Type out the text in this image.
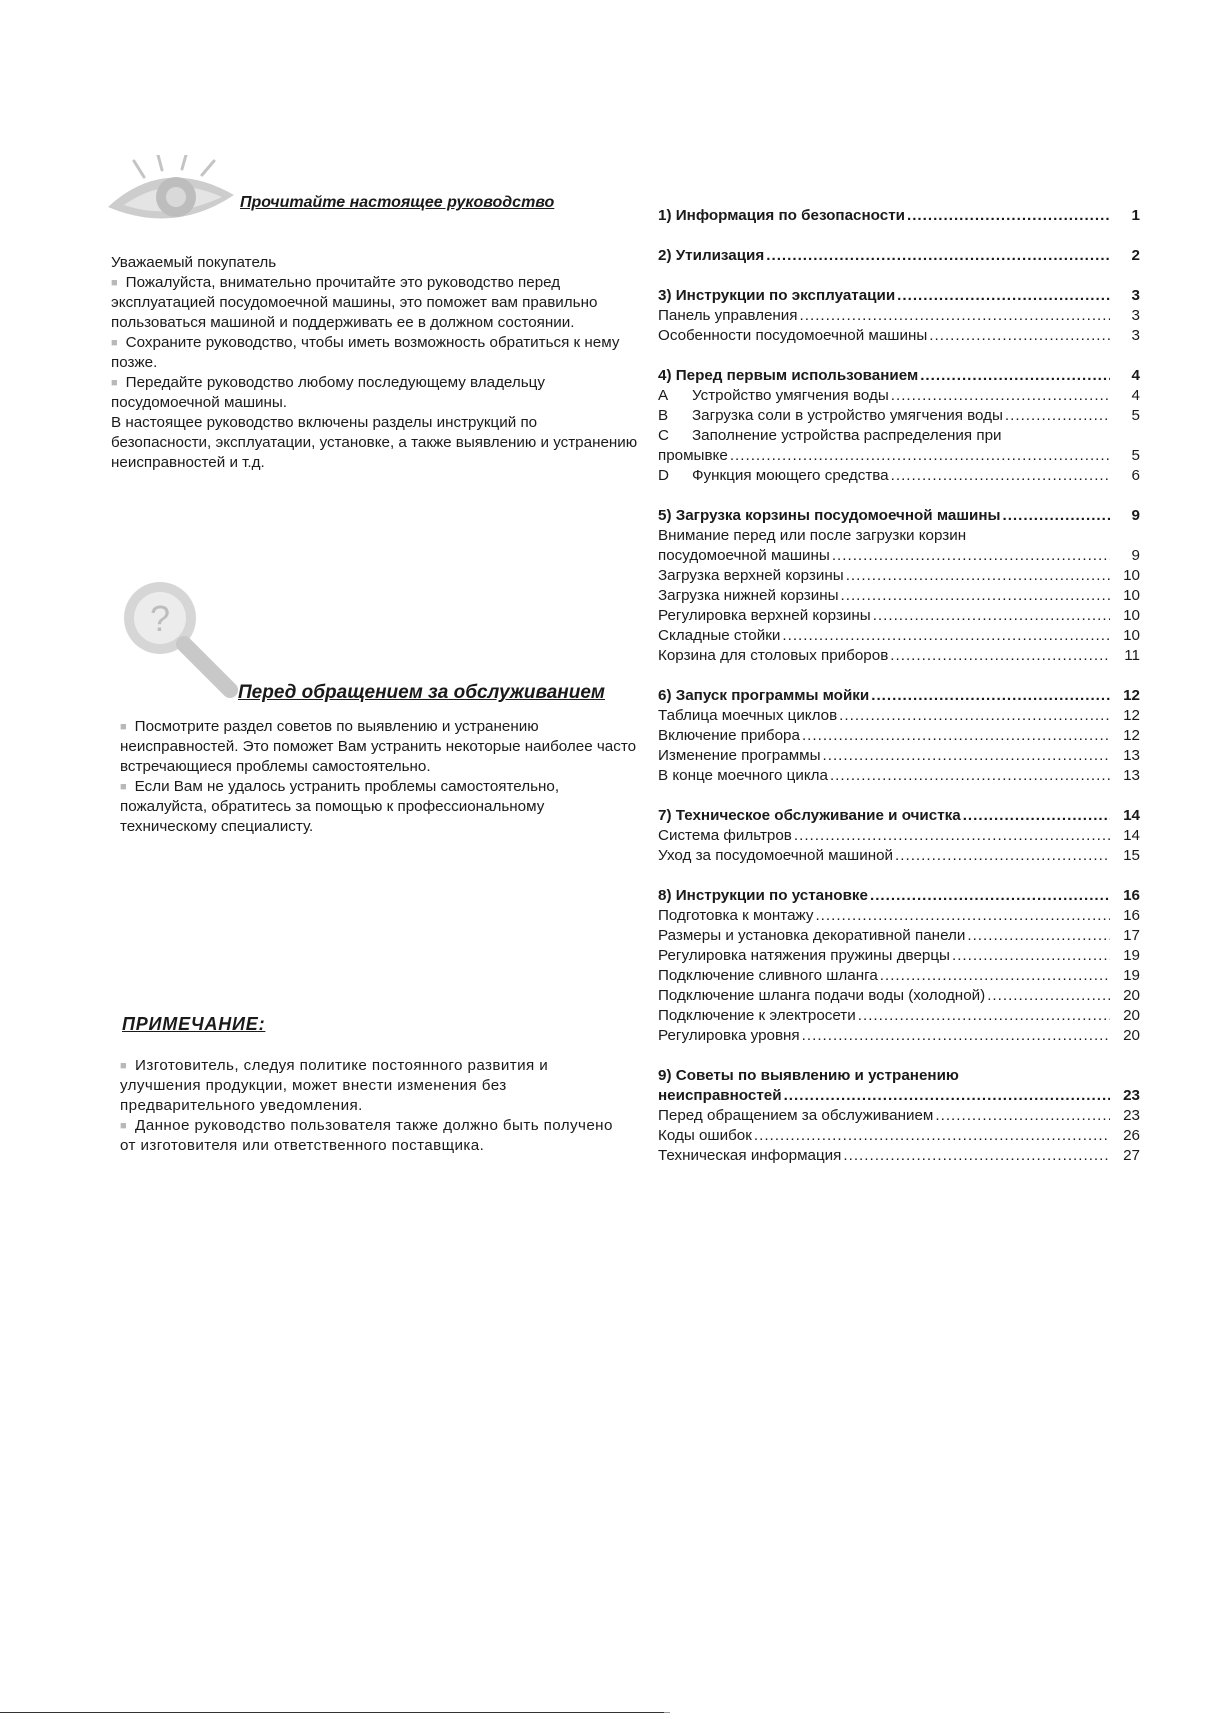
Прочитайте настоящее руководство
Уважаемый покупатель
■ Пожалуйста, внимательно прочитайте это руководство перед эксплуатацией посудомоечной машины, это поможет вам правильно пользоваться машиной и поддерживать ее в должном состоянии.
■ Сохраните руководство, чтобы иметь возможность обратиться к нему позже.
■ Передайте руководство любому последующему владельцу посудомоечной машины.
В настоящее руководство включены разделы инструкций по безопасности, эксплуатации, установке, а также выявлению и устранению неисправностей и т.д.
?
Перед обращением за обслуживанием
■ Посмотрите раздел советов по выявлению и устранению неисправностей. Это поможет Вам устранить некоторые наиболее часто встречающиеся проблемы самостоятельно.
■ Если Вам не удалось устранить проблемы самостоятельно, пожалуйста, обратитесь за помощью к профессиональному техническому специалисту.
ПРИМЕЧАНИЕ:
■ Изготовитель, следуя политике постоянного развития и улучшения продукции, может внести изменения без предварительного уведомления.
■ Данное руководство пользователя также должно быть получено от изготовителя или ответственного поставщика.
1) Информация по безопасности .....	1
2) Утилизация .....	2
3) Инструкции по эксплуатации .....	3
Панель управления .....	3
Особенности посудомоечной машины .....	3
4) Перед первым использованием .....	4
A Устройство умягчения воды .....	4
B Загрузка соли в устройство умягчения воды .....	5
C Заполнение устройства распределения при
промывке .....	5
D Функция моющего средства .....	6
5) Загрузка корзины посудомоечной машины .....	9
Внимание перед или после загрузки корзин
посудомоечной машины .....	9
Загрузка верхней корзины .....	10
Загрузка нижней корзины .....	10
Регулировка верхней корзины .....	10
Складные стойки .....	10
Корзина для столовых приборов .....	11
6) Запуск программы мойки .....	12
Таблица моечных циклов .....	12
Включение прибора .....	12
Изменение программы .....	13
В конце моечного цикла .....	13
7) Техническое обслуживание и очистка .....	14
Система фильтров .....	14
Уход за посудомоечной машиной .....	15
8) Инструкции по установке .....	16
Подготовка к монтажу .....	16
Размеры и установка декоративной панели .....	17
Регулировка натяжения пружины дверцы .....	19
Подключение сливного шланга .....	19
Подключение шланга подачи воды (холодной) .....	20
Подключение к электросети .....	20
Регулировка уровня .....	20
9) Советы по выявлению и устранению
неисправностей .....	23
Перед обращением за обслуживанием .....	23
Коды ошибок .....	26
Техническая информация .....	27
